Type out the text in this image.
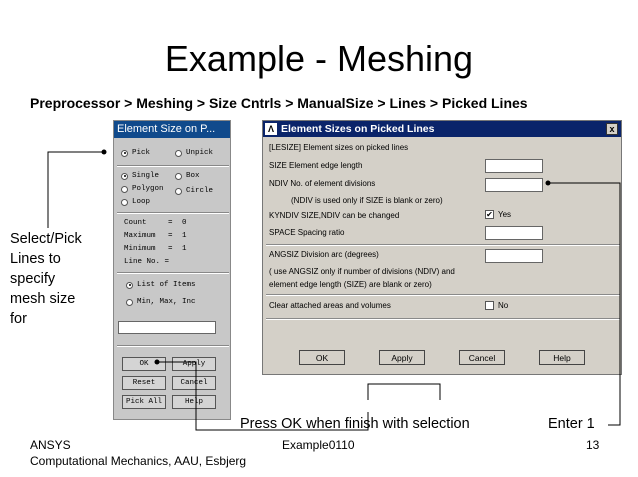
Example - Meshing
Preprocessor > Meshing > Size Cntrls > ManualSize > Lines > Picked Lines
Element Size on P...
Pick	Unpick
Single	Box
Polygon	Circle
Loop
Count	=	0
Maximum	=	1
Minimum	=	1
Line No. =
List of Items
Min, Max, Inc
OK	Apply
Reset	Cancel
Pick All	Help
Λ Element Sizes on Picked Lines	x
[LESIZE] Element sizes on picked lines
SIZE Element edge length
NDIV No. of element divisions
(NDIV is used only if SIZE is blank or zero)
KYNDIV SIZE,NDIV can be changed	✔ Yes
SPACE Spacing ratio
ANGSIZ Division arc (degrees)
( use ANGSIZ only if number of divisions (NDIV) and
element edge length (SIZE) are blank or zero)
Clear attached areas and volumes	No
OK	Apply	Cancel	Help
Select/Pick
Lines to
specify
mesh size
for
Press OK when finish with selection	Enter 1
ANSYS
Computational Mechanics, AAU, Esbjerg
Example0110	13
